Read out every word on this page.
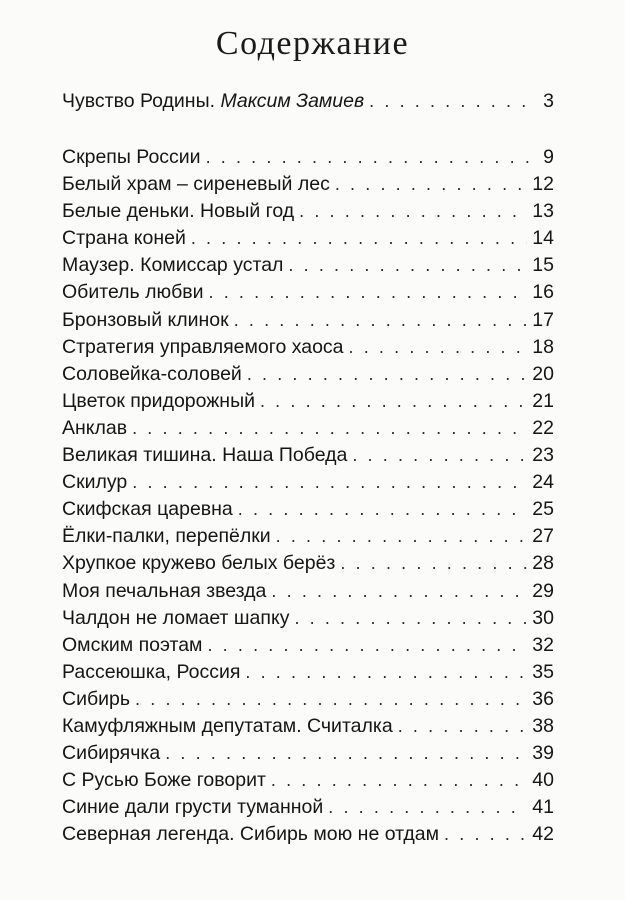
Содержание
Чувство Родины. Максим Замиев . . .	3
Скрепы России . . .	9
Белый храм – сиреневый лес . . .	12
Белые деньки. Новый год . . .	13
Страна коней . . .	14
Маузер. Комиссар устал . . .	15
Обитель любви . . .	16
Бронзовый клинок . . .	17
Стратегия управляемого хаоса . . .	18
Соловейка-соловей . . .	20
Цветок придорожный . . .	21
Анклав . . .	22
Великая тишина. Наша Победа . . .	23
Скилур . . .	24
Скифская царевна . . .	25
Ёлки-палки, перепёлки . . .	27
Хрупкое кружево белых берёз . . .	28
Моя печальная звезда . . .	29
Чалдон не ломает шапку . . .	30
Омским поэтам . . .	32
Рассеюшка, Россия . . .	35
Сибирь . . .	36
Камуфляжным депутатам. Считалка . . .	38
Сибирячка . . .	39
С Русью Боже говорит . . .	40
Синие дали грусти туманной . . .	41
Северная легенда. Сибирь мою не отдам . . .	42
